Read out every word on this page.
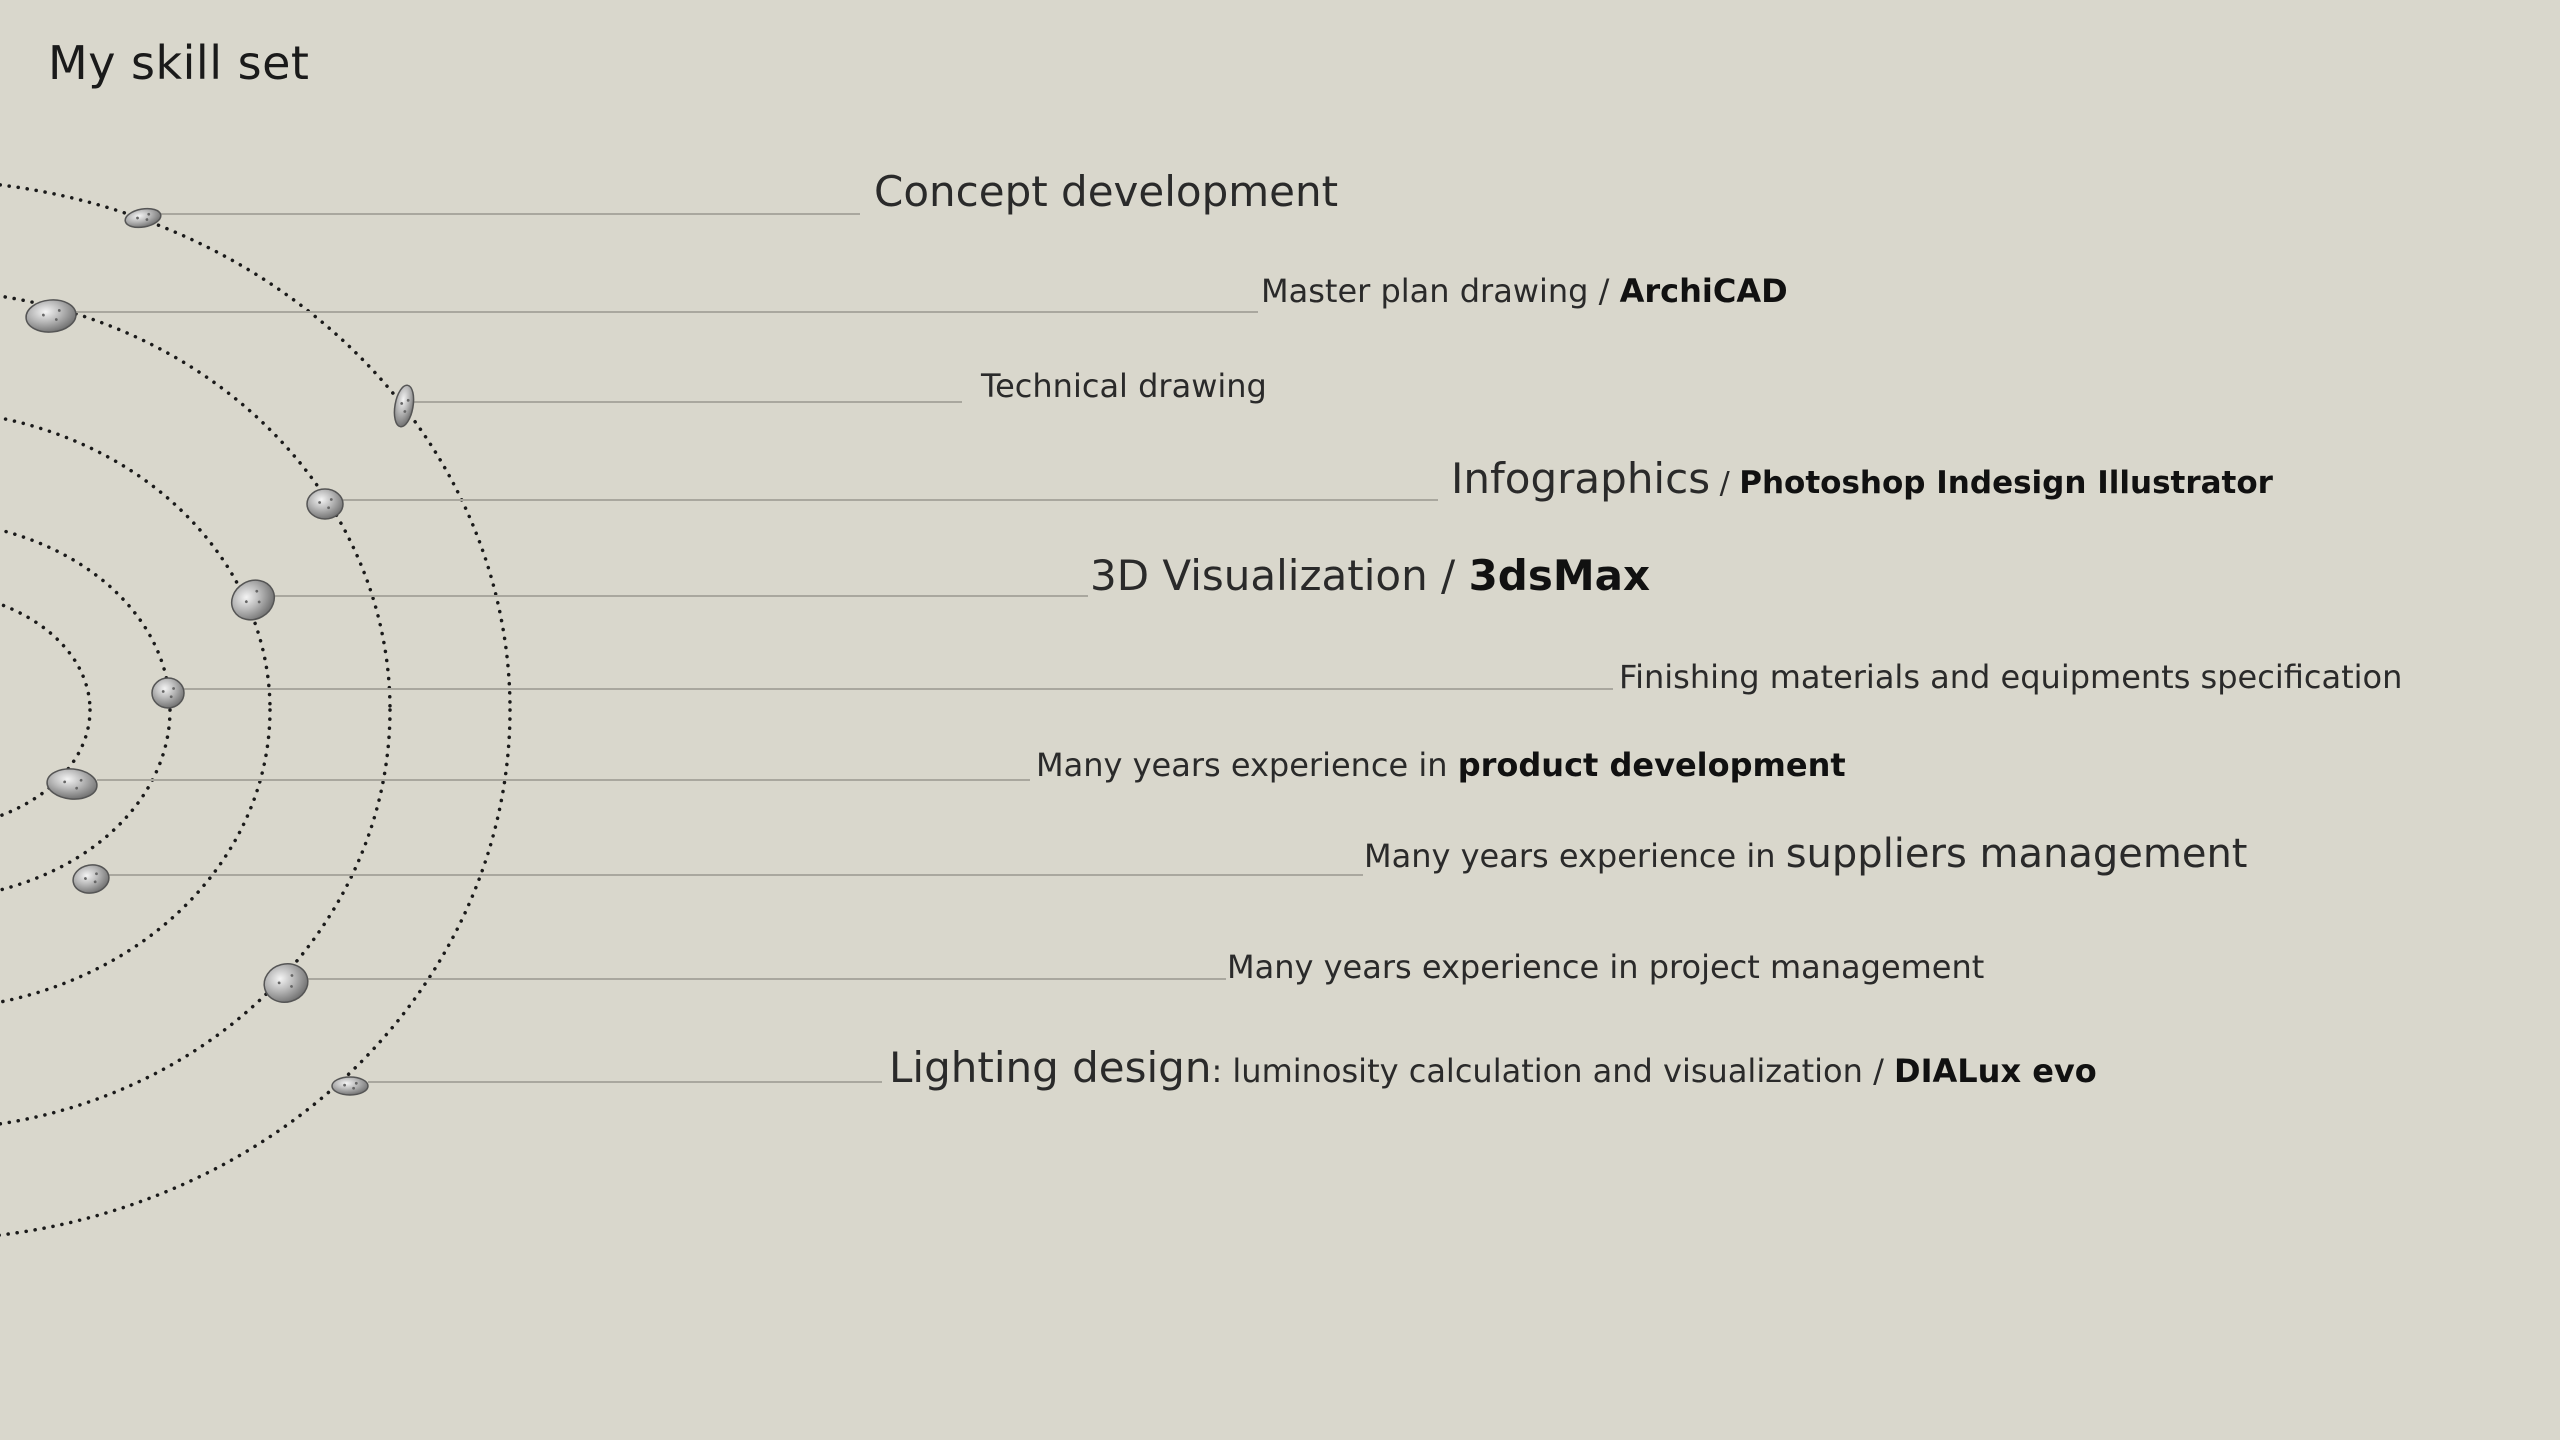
My skill set
Concept development
Master plan drawing / ArchiCAD
Technical drawing
Infographics / Photoshop Indesign Illustrator
3D Visualization / 3dsMax
Finishing materials and equipments specification
Many years experience in product development
Many years experience in suppliers management
Many years experience in project management
Lighting design: luminosity calculation and visualization / DIALux evo
